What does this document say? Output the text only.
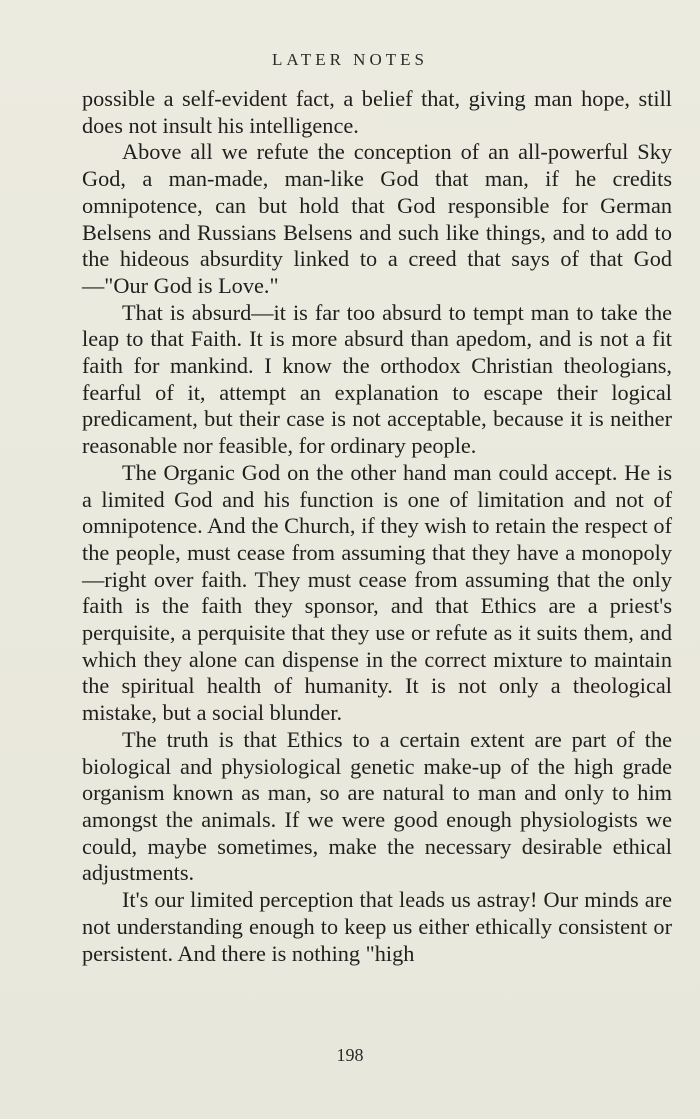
LATER NOTES

possible a self-evident fact, a belief that, giving man hope, still does not insult his intelligence.

Above all we refute the conception of an all-powerful Sky God, a man-made, man-like God that man, if he credits omnipotence, can but hold that God responsible for German Belsens and Russians Belsens and such like things, and to add to the hideous absurdity linked to a creed that says of that God—"Our God is Love."

That is absurd—it is far too absurd to tempt man to take the leap to that Faith. It is more absurd than apedom, and is not a fit faith for mankind. I know the orthodox Christian theologians, fearful of it, attempt an explanation to escape their logical predicament, but their case is not acceptable, because it is neither reasonable nor feasible, for ordinary people.

The Organic God on the other hand man could accept. He is a limited God and his function is one of limitation and not of omnipotence. And the Church, if they wish to retain the respect of the people, must cease from assuming that they have a monopoly—right over faith. They must cease from assuming that the only faith is the faith they sponsor, and that Ethics are a priest's perquisite, a perquisite that they use or refute as it suits them, and which they alone can dispense in the correct mixture to maintain the spiritual health of humanity. It is not only a theological mistake, but a social blunder.

The truth is that Ethics to a certain extent are part of the biological and physiological genetic make-up of the high grade organism known as man, so are natural to man and only to him amongst the animals. If we were good enough physiologists we could, maybe sometimes, make the necessary desirable ethical adjustments.

It's our limited perception that leads us astray! Our minds are not understanding enough to keep us either ethically consistent or persistent. And there is nothing "high

198
